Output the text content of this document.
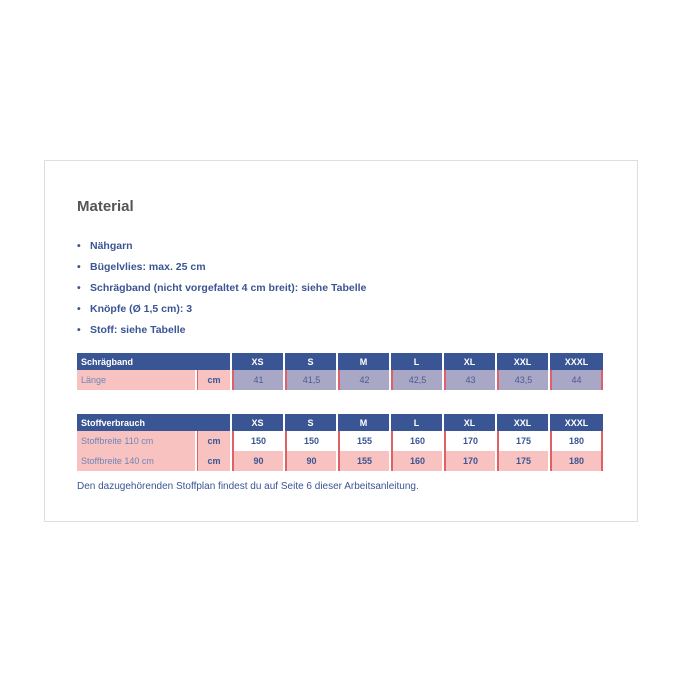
Material
• Nähgarn
• Bügelvlies: max. 25 cm
• Schrägband (nicht vorgefaltet 4 cm breit): siehe Tabelle
• Knöpfe (Ø 1,5 cm): 3
• Stoff: siehe Tabelle
Schrägband		XS	S	M	L	XL	XXL	XXXL
Länge	cm	41	41,5	42	42,5	43	43,5	44
Stoffverbrauch		XS	S	M	L	XL	XXL	XXXL
Stoffbreite 110 cm	cm	150	150	155	160	170	175	180
Stoffbreite 140 cm	cm	90	90	155	160	170	175	180
Den dazugehörenden Stoffplan findest du auf Seite 6 dieser Arbeitsanleitung.
